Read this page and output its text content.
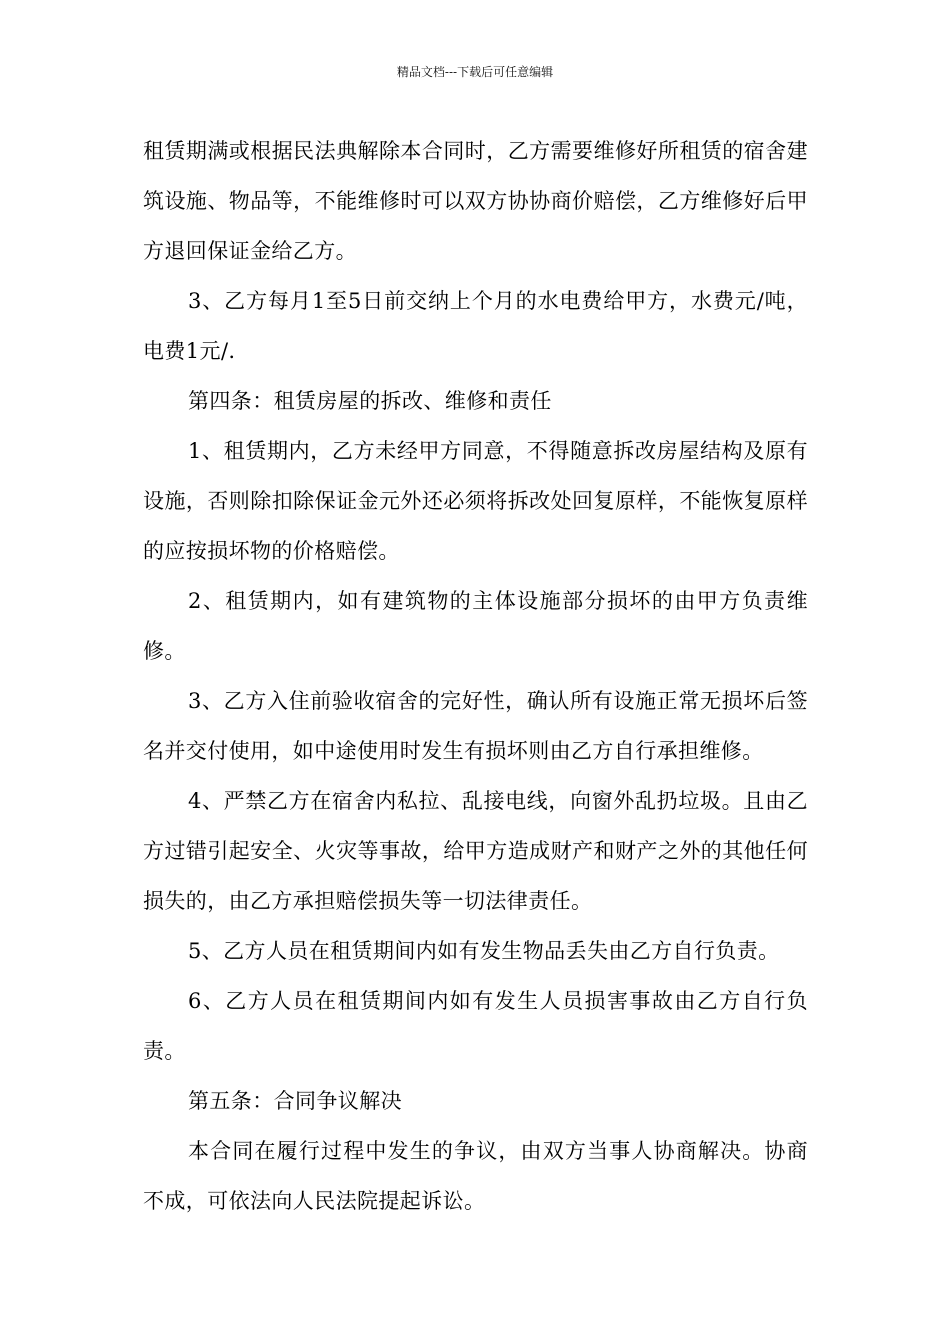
精品文档---下载后可任意编辑

租赁期满或根据民法典解除本合同时，乙方需要维修好所租赁的宿舍建筑设施、物品等，不能维修时可以双方协协商价赔偿，乙方维修好后甲方退回保证金给乙方。

3、乙方每月1至5日前交纳上个月的水电费给甲方，水费元/吨，电费1元/.

第四条：租赁房屋的拆改、维修和责任

1、租赁期内，乙方未经甲方同意，不得随意拆改房屋结构及原有设施，否则除扣除保证金元外还必须将拆改处回复原样，不能恢复原样的应按损坏物的价格赔偿。

2、租赁期内，如有建筑物的主体设施部分损坏的由甲方负责维修。

3、乙方入住前验收宿舍的完好性，确认所有设施正常无损坏后签名并交付使用，如中途使用时发生有损坏则由乙方自行承担维修。

4、严禁乙方在宿舍内私拉、乱接电线，向窗外乱扔垃圾。且由乙方过错引起安全、火灾等事故，给甲方造成财产和财产之外的其他任何损失的，由乙方承担赔偿损失等一切法律责任。

5、乙方人员在租赁期间内如有发生物品丢失由乙方自行负责。

6、乙方人员在租赁期间内如有发生人员损害事故由乙方自行负责。

第五条：合同争议解决

本合同在履行过程中发生的争议，由双方当事人协商解决。协商不成，可依法向人民法院提起诉讼。
